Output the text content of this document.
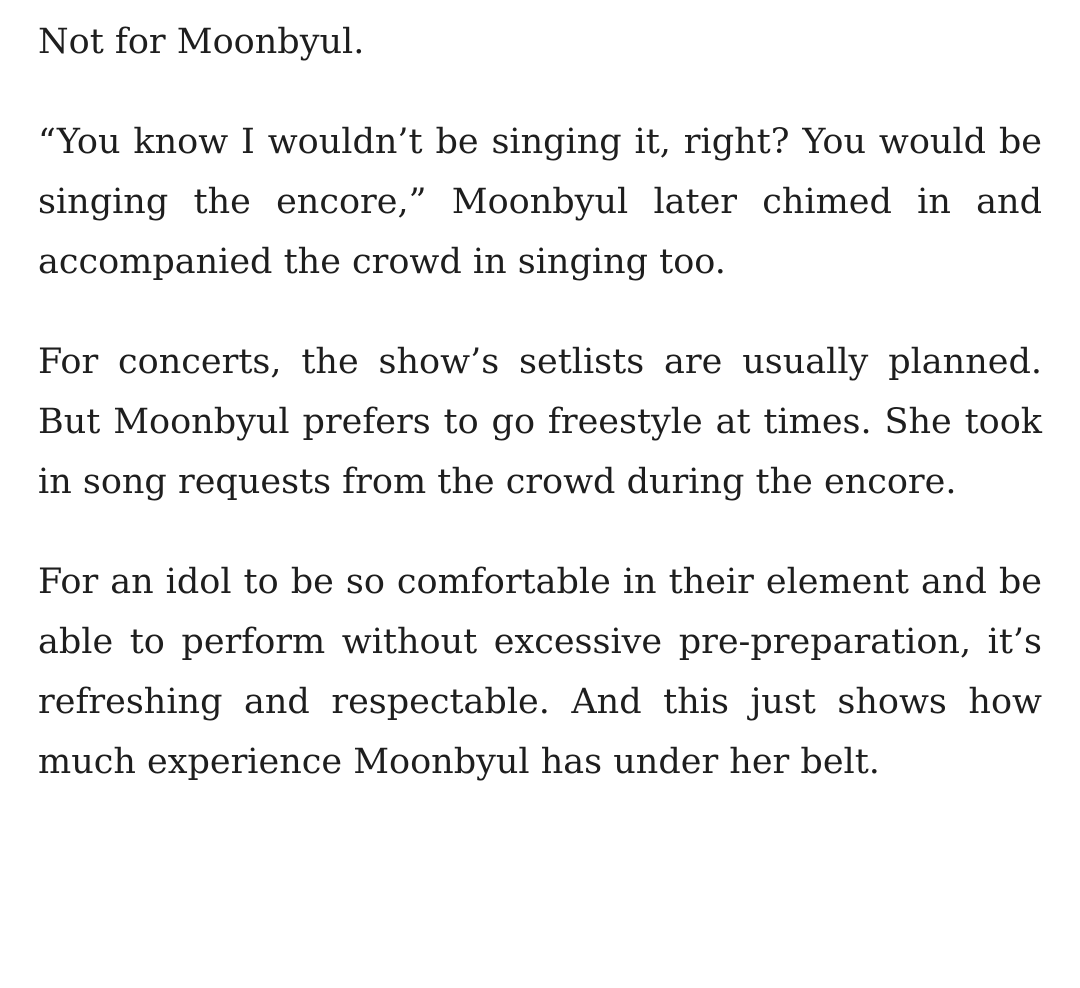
Not for Moonbyul.

“You know I wouldn’t be singing it, right? You would be singing the encore,” Moonbyul later chimed in and accompanied the crowd in singing too.

For concerts, the show’s setlists are usually planned. But Moonbyul prefers to go freestyle at times. She took in song requests from the crowd during the encore.

For an idol to be so comfortable in their element and be able to perform without excessive pre-preparation, it’s refreshing and respectable. And this just shows how much experience Moonbyul has under her belt.
